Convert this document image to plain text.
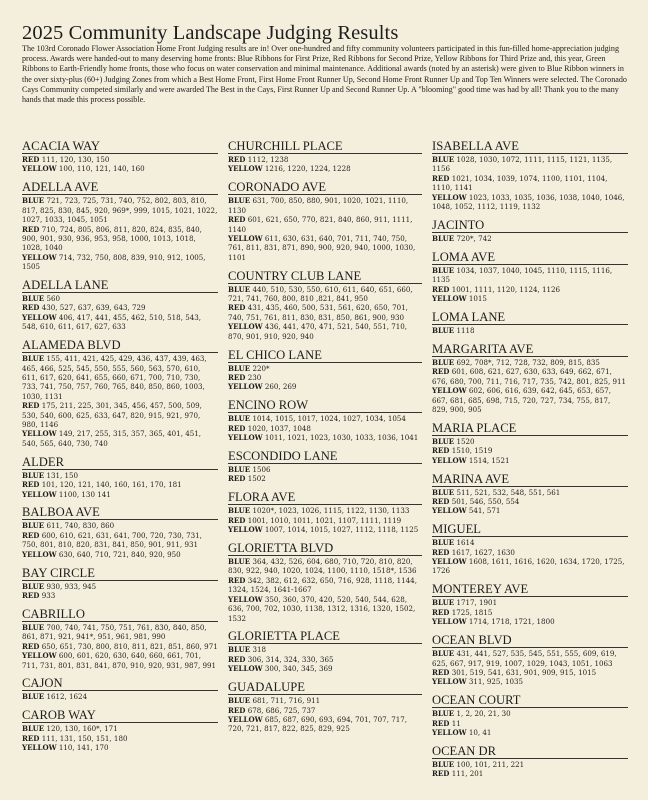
2025 Community Landscape Judging Results

The 103rd Coronado Flower Association Home Front Judging results are in! Over one-hundred and fifty community volunteers participated in this fun-filled home-appreciation judging process. Awards were handed-out to many deserving home fronts: Blue Ribbons for First Prize, Red Ribbons for Second Prize, Yellow Ribbons for Third Prize and, this year, Green Ribbons to Earth-Friendly home fronts, those who focus on water conservation and minimal maintenance. Additional awards (noted by an asterisk) were given to Blue Ribbon winners in the over sixty-plus (60+) Judging Zones from which a Best Home Front, First Home Front Runner Up, Second Home Front Runner Up and Top Ten Winners were selected. The Coronado Cays Community competed similarly and were awarded The Best in the Cays, First Runner Up and Second Runner Up. A "blooming" good time was had by all! Thank you to the many hands that made this process possible.

ACACIA WAY
RED 111, 120, 130, 150
YELLOW 100, 110, 121, 140, 160
ADELLA AVE
BLUE 721, 723, 725, 731, 740, 752, 802, 803, 810, 817, 825, 830, 845, 920, 969*, 999, 1015, 1021, 1022, 1027, 1033, 1045, 1051
RED 710, 724, 805, 806, 811, 820, 824, 835, 840, 900, 901, 930, 936, 953, 958, 1000, 1013, 1018, 1028, 1040
YELLOW 714, 732, 750, 808, 839, 910, 912, 1005, 1505
ADELLA LANE
BLUE 560
RED 430, 527, 637, 639, 643, 729
YELLOW 406, 417, 441, 455, 462, 510, 518, 543, 548, 610, 611, 617, 627, 633
ALAMEDA BLVD
BLUE 155, 411, 421, 425, 429, 436, 437, 439, 463, 465, 466, 525, 545, 550, 555, 560, 563, 570, 610, 611, 617, 620, 641, 655, 660, 671, 700, 710, 730, 733, 741, 750, 757, 760, 765, 840, 850, 860, 1003, 1030, 1131
RED 175, 211, 225, 301, 345, 456, 457, 500, 509, 530, 540, 600, 625, 633, 647, 820, 915, 921, 970, 980, 1146
YELLOW 149, 217, 255, 315, 357, 365, 401, 451, 540, 565, 640, 730, 740
ALDER
BLUE 131, 150
RED 101, 120, 121, 140, 160, 161, 170, 181
YELLOW 1100, 130 141
BALBOA AVE
BLUE 611, 740, 830, 860
RED 600, 610, 621, 631, 641, 700, 720, 730, 731, 750, 801, 810, 820, 831, 841, 850, 901, 911, 931
YELLOW 630, 640, 710, 721, 840, 920, 950
BAY CIRCLE
BLUE 930, 933, 945
RED 933
CABRILLO
BLUE 700, 740, 741, 750, 751, 761, 830, 840, 850, 861, 871, 921, 941*, 951, 961, 981, 990
RED 650, 651, 730, 800, 810, 811, 821, 851, 860, 971
YELLOW 600, 601, 620, 630, 640, 660, 661, 701, 711, 731, 801, 831, 841, 870, 910, 920, 931, 987, 991
CAJON
BLUE 1612, 1624
CAROB WAY
BLUE 120, 130, 160*, 171
RED 111, 131, 150, 151, 180
YELLOW 110, 141, 170
CHURCHILL PLACE
RED 1112, 1238
YELLOW 1216, 1220, 1224, 1228
CORONADO AVE
BLUE 631, 700, 850, 880, 901, 1020, 1021, 1110, 1130
RED 601, 621, 650, 770, 821, 840, 860, 911, 1111, 1140
YELLOW 611, 630, 631, 640, 701, 711, 740, 750, 761, 811, 831, 871, 890, 900, 920, 940, 1000, 1030, 1101
COUNTRY CLUB LANE
BLUE 440, 510, 530, 550, 610, 611, 640, 651, 660, 721, 741, 760, 800, 810 ,821, 841, 950
RED 431, 435, 460, 500, 531, 561, 620, 650, 701, 740, 751, 761, 811, 830, 831, 850, 861, 900, 930
YELLOW 436, 441, 470, 471, 521, 540, 551, 710, 870, 901, 910, 920, 940
EL CHICO LANE
BLUE 220*
RED 230
YELLOW 260, 269
ENCINO ROW
BLUE 1014, 1015, 1017, 1024, 1027, 1034, 1054
RED 1020, 1037, 1048
YELLOW 1011, 1021, 1023, 1030, 1033, 1036, 1041
ESCONDIDO LANE
BLUE 1506
RED 1502
FLORA AVE
BLUE 1020*, 1023, 1026, 1115, 1122, 1130, 1133
RED 1001, 1010, 1011, 1021, 1107, 1111, 1119
YELLOW 1007, 1014, 1015, 1027, 1112, 1118, 1125
GLORIETTA BLVD
BLUE 364, 432, 526, 604, 680, 710, 720, 810, 820, 830, 922, 940, 1020, 1024, 1100, 1110, 1518*, 1536
RED 342, 382, 612, 632, 650, 716, 928, 1118, 1144, 1324, 1524, 1641-1667
YELLOW 350, 360, 370, 420, 520, 540, 544, 628, 636, 700, 702, 1030, 1138, 1312, 1316, 1320, 1502, 1532
GLORIETTA PLACE
BLUE 318
RED 306, 314, 324, 330, 365
YELLOW 300, 340, 345, 369
GUADALUPE
BLUE 681, 711, 716, 911
RED 678, 686, 725, 737
YELLOW 685, 687, 690, 693, 694, 701, 707, 717, 720, 721, 817, 822, 825, 829, 925
ISABELLA AVE
BLUE 1028, 1030, 1072, 1111, 1115, 1121, 1135, 1156
RED 1021, 1034, 1039, 1074, 1100, 1101, 1104, 1110, 1141
YELLOW 1023, 1033, 1035, 1036, 1038, 1040, 1046, 1048, 1052, 1112, 1119, 1132
JACINTO
BLUE 720*, 742
LOMA AVE
BLUE 1034, 1037, 1040, 1045, 1110, 1115, 1116, 1135
RED 1001, 1111, 1120, 1124, 1126
YELLOW 1015
LOMA LANE
BLUE 1118
MARGARITA AVE
BLUE 692, 708*, 712, 728, 732, 809, 815, 835
RED 601, 608, 621, 627, 630, 633, 649, 662, 671, 676, 680, 700, 711, 716, 717, 735, 742, 801, 825, 911
YELLOW 602, 606, 616, 639, 642, 645, 653, 657, 667, 681, 685, 698, 715, 720, 727, 734, 755, 817, 829, 900, 905
MARIA PLACE
BLUE 1520
RED 1510, 1519
YELLOW 1514, 1521
MARINA AVE
BLUE 511, 521, 532, 548, 551, 561
RED 501, 546, 550, 554
YELLOW 541, 571
MIGUEL
BLUE 1614
RED 1617, 1627, 1630
YELLOW 1608, 1611, 1616, 1620, 1634, 1720, 1725, 1726
MONTEREY AVE
BLUE 1717, 1901
RED 1725, 1815
YELLOW 1714, 1718, 1721, 1800
OCEAN BLVD
BLUE 431, 441, 527, 535, 545, 551, 555, 609, 619, 625, 667, 917, 919, 1007, 1029, 1043, 1051, 1063
RED 301, 519, 541, 631, 901, 909, 915, 1015
YELLOW 311, 925, 1035
OCEAN COURT
BLUE 1, 2, 20, 21, 30
RED 11
YELLOW 10, 41
OCEAN DR
BLUE 100, 101, 211, 221
RED 111, 201
